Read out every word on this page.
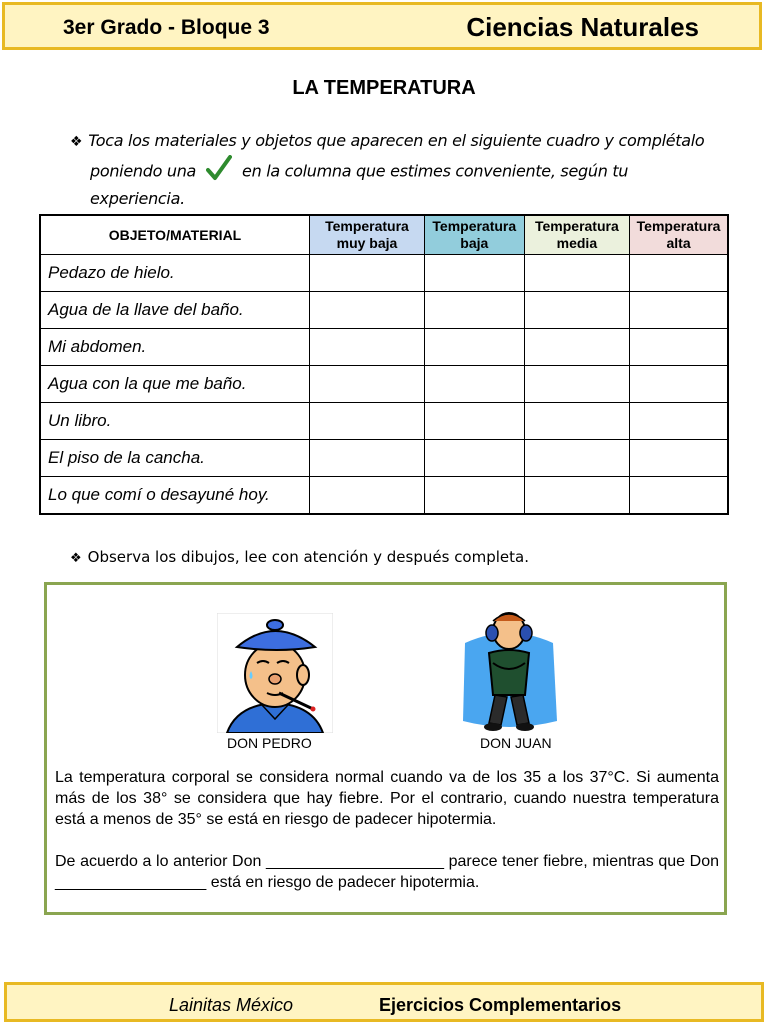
3er Grado - Bloque 3	Ciencias Naturales
LA TEMPERATURA
❖ Toca los materiales y objetos que aparecen en el siguiente cuadro y complétalo
poniendo una	en la columna que estimes conveniente, según tu
experiencia.
OBJETO/MATERIAL	Temperatura muy baja	Temperatura baja	Temperatura media	Temperatura alta
Pedazo de hielo.				
Agua de la llave del baño.				
Mi abdomen.				
Agua con la que me baño.				
Un libro.				
El piso de la cancha.				
Lo que comí o desayuné hoy.				
❖ Observa los dibujos, lee con atención y después completa.
DON PEDRO	DON JUAN
La temperatura corporal se considera normal cuando va de los 35 a los 37°C. Si aumenta más de los 38° se considera que hay fiebre. Por el contrario, cuando nuestra temperatura está a menos de 35° se está en riesgo de padecer hipotermia.
De acuerdo a lo anterior Don ____________________ parece tener fiebre, mientras que Don _________________ está en riesgo de padecer hipotermia.
Lainitas México	Ejercicios Complementarios
